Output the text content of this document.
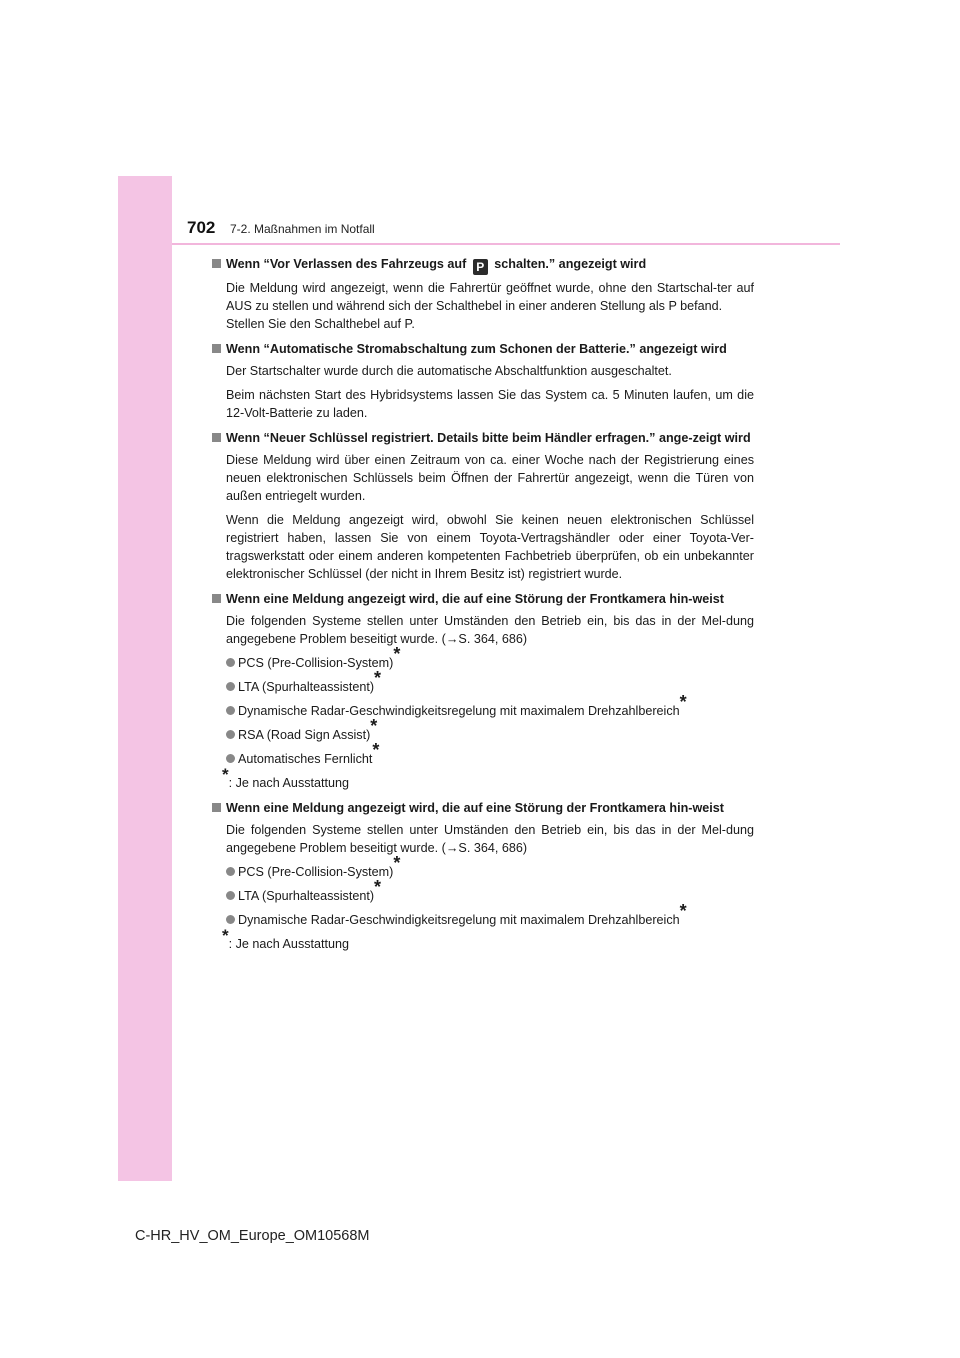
702 7-2. Maßnahmen im Notfall
Wenn “Vor Verlassen des Fahrzeugs auf P schalten.” angezeigt wird
Die Meldung wird angezeigt, wenn die Fahrertür geöffnet wurde, ohne den Startschal-ter auf AUS zu stellen und während sich der Schalthebel in einer anderen Stellung als P befand.
Stellen Sie den Schalthebel auf P.
Wenn “Automatische Stromabschaltung zum Schonen der Batterie.” angezeigt wird
Der Startschalter wurde durch die automatische Abschaltfunktion ausgeschaltet.
Beim nächsten Start des Hybridsystems lassen Sie das System ca. 5 Minuten laufen, um die 12-Volt-Batterie zu laden.
Wenn “Neuer Schlüssel registriert. Details bitte beim Händler erfragen.” ange-zeigt wird
Diese Meldung wird über einen Zeitraum von ca. einer Woche nach der Registrierung eines neuen elektronischen Schlüssels beim Öffnen der Fahrertür angezeigt, wenn die Türen von außen entriegelt wurden.
Wenn die Meldung angezeigt wird, obwohl Sie keinen neuen elektronischen Schlüssel registriert haben, lassen Sie von einem Toyota-Vertragshändler oder einer Toyota-Ver-tragswerkstatt oder einem anderen kompetenten Fachbetrieb überprüfen, ob ein unbekannter elektronischer Schlüssel (der nicht in Ihrem Besitz ist) registriert wurde.
Wenn eine Meldung angezeigt wird, die auf eine Störung der Frontkamera hin-weist
Die folgenden Systeme stellen unter Umständen den Betrieb ein, bis das in der Mel-dung angegebene Problem beseitigt wurde. (→S. 364, 686)
PCS (Pre-Collision-System)*
LTA (Spurhalteassistent)*
Dynamische Radar-Geschwindigkeitsregelung mit maximalem Drehzahlbereich*
RSA (Road Sign Assist)*
Automatisches Fernlicht*
*: Je nach Ausstattung
Wenn eine Meldung angezeigt wird, die auf eine Störung der Frontkamera hin-weist
Die folgenden Systeme stellen unter Umständen den Betrieb ein, bis das in der Mel-dung angegebene Problem beseitigt wurde. (→S. 364, 686)
PCS (Pre-Collision-System)*
LTA (Spurhalteassistent)*
Dynamische Radar-Geschwindigkeitsregelung mit maximalem Drehzahlbereich*
*: Je nach Ausstattung
C-HR_HV_OM_Europe_OM10568M
